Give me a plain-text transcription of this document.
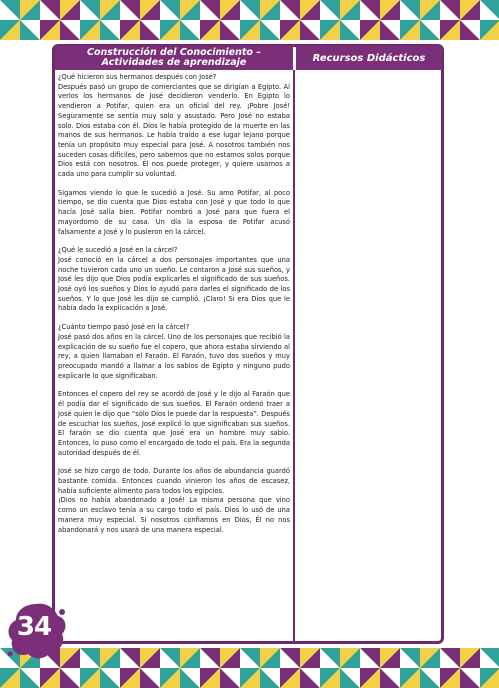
Construcción del Conocimiento –
Actividades de aprendizaje	Recursos Didácticos

¿Qué hicieron sus hermanos después con José?

Después pasó un grupo de comerciantes que se dirigían a Egipto. Al verlos los hermanos de José decidieron venderlo. En Egipto lo vendieron a Potifar, quien era un oficial del rey. ¡Pobre José! Seguramente se sentía muy solo y asustado. Pero José no estaba solo. Dios estaba con él. Dios le había protegido de la muerte en las manos de sus hermanos. Le había traído a ese lugar lejano porque tenía un propósito muy especial para José. A nosotros también nos suceden cosas difíciles, pero sabemos que no estamos solos porque Dios está con nosotros. Él nos puede proteger, y quiere usarnos a cada uno para cumplir su voluntad.

Sigamos viendo lo que le sucedió a José. Su amo Potifar, al poco tiempo, se dio cuenta que Dios estaba con José y que todo lo que hacía José salía bien. Potifar nombró a José para que fuera el mayordomo de su casa. Un día la esposa de Potifar acusó falsamente a José y lo pusieron en la cárcel.

¿Qué le sucedió a José en la cárcel?

José conoció en la cárcel a dos personajes importantes que una noche tuvieron cada uno un sueño. Le contaron a José sus sueños, y José les dijo que Dios podía explicarles el significado de sus sueños. José oyó los sueños y Dios lo ayudó para darles el significado de los sueños. Y lo que José les dijo se cumplió. ¡Claro! Si era Dios que le había dado la explicación a José.

¿Cuánto tiempo pasó José en la cárcel?

José pasó dos años en la cárcel. Uno de los personajes que recibió la explicación de su sueño fue el copero, que ahora estaba sirviendo al rey, a quien llamaban el Faraón. El Faraón, tuvo dos sueños y muy preocupado mandó a llamar a los sabios de Egipto y ninguno pudo explicarle lo que significaban.

Entonces el copero del rey se acordó de José y le dijo al Faraón que él podía dar el significado de sus sueños. El Faraón ordenó traer a José quien le dijo que “sólo Dios le puede dar la respuesta”. Después de escuchar los sueños, José explicó lo que significaban sus sueños. El faraón se dio cuenta que José era un hombre muy sabio. Entonces, lo puso como el encargado de todo el país. Era la segunda autoridad después de él.

José se hizo cargo de todo. Durante los años de abundancia guardó bastante comida. Entonces cuando vinieron los años de escasez, había suficiente alimento para todos los egipcios.

¡Dios no había abandonado a José! La misma persona que vino como un esclavo tenía a su cargo todo el país. Dios lo usó de una manera muy especial. Si nosotros confiamos en Dios, Él no nos abandonará y nos usará de una manera especial.

34
